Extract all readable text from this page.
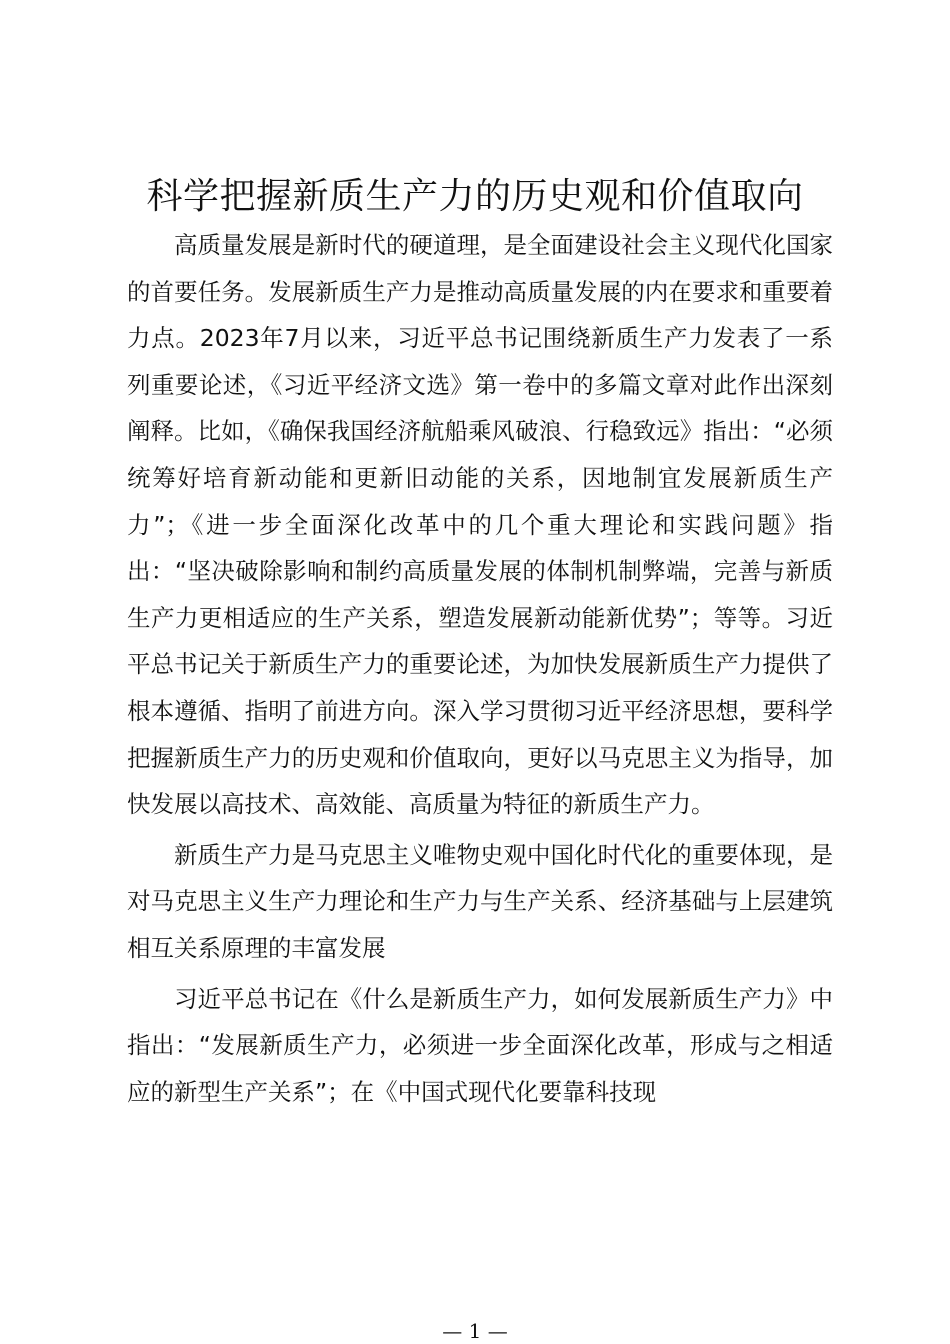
科学把握新质生产力的历史观和价值取向

高质量发展是新时代的硬道理，是全面建设社会主义现代化国家的首要任务。发展新质生产力是推动高质量发展的内在要求和重要着力点。2023年7月以来，习近平总书记围绕新质生产力发表了一系列重要论述，《习近平经济文选》第一卷中的多篇文章对此作出深刻阐释。比如，《确保我国经济航船乘风破浪、行稳致远》指出：“必须统筹好培育新动能和更新旧动能的关系，因地制宜发展新质生产力”；《进一步全面深化改革中的几个重大理论和实践问题》指出：“坚决破除影响和制约高质量发展的体制机制弊端，完善与新质生产力更相适应的生产关系，塑造发展新动能新优势”；等等。习近平总书记关于新质生产力的重要论述，为加快发展新质生产力提供了根本遵循、指明了前进方向。深入学习贯彻习近平经济思想，要科学把握新质生产力的历史观和价值取向，更好以马克思主义为指导，加快发展以高技术、高效能、高质量为特征的新质生产力。

新质生产力是马克思主义唯物史观中国化时代化的重要体现，是对马克思主义生产力理论和生产力与生产关系、经济基础与上层建筑相互关系原理的丰富发展

习近平总书记在《什么是新质生产力，如何发展新质生产力》中指出：“发展新质生产力，必须进一步全面深化改革，形成与之相适应的新型生产关系”；在《中国式现代化要靠科技现

— 1 —
